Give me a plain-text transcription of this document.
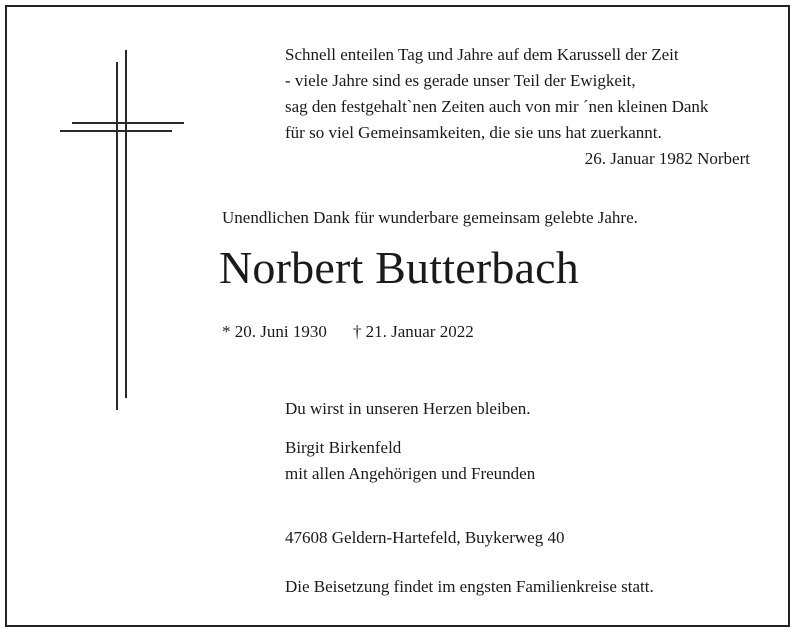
Schnell enteilen Tag und Jahre auf dem Karussell der Zeit
- viele Jahre sind es gerade unser Teil der Ewigkeit,
sag den festgehalt`nen Zeiten auch von mir ´nen kleinen Dank
für so viel Gemeinsamkeiten, die sie uns hat zuerkannt.
26. Januar 1982 Norbert
Unendlichen Dank für wunderbare gemeinsam gelebte Jahre.
Norbert Butterbach
* 20. Juni 1930 † 21. Januar 2022
Du wirst in unseren Herzen bleiben.
Birgit Birkenfeld
mit allen Angehörigen und Freunden
47608 Geldern-Hartefeld, Buykerweg 40
Die Beisetzung findet im engsten Familienkreise statt.
